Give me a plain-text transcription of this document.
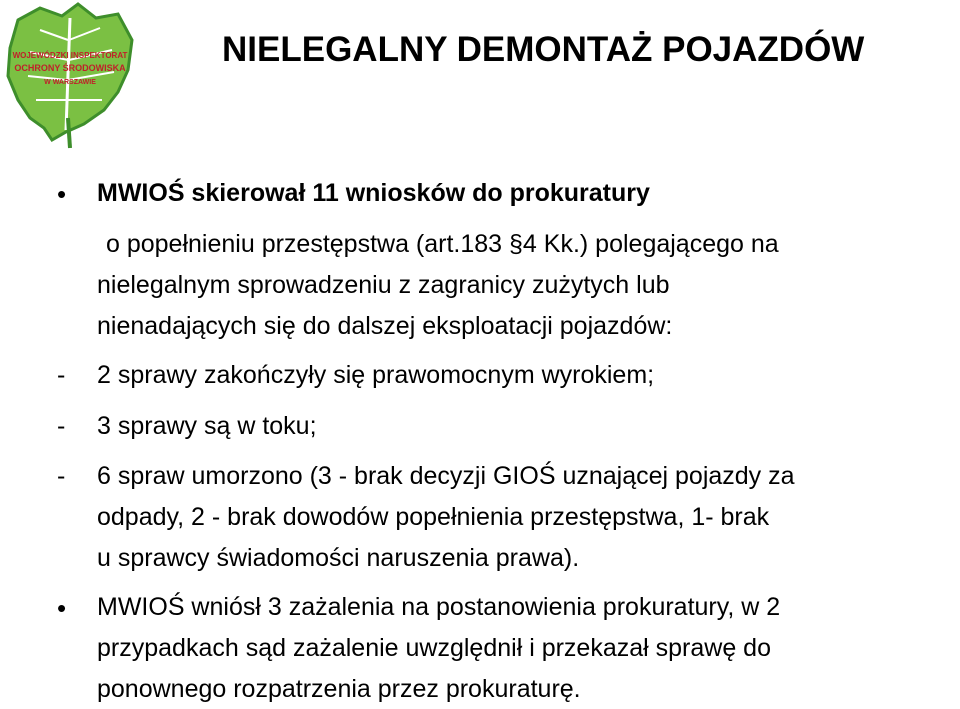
WOJEWÓDZKI INSPEKTORAT
OCHRONY ŚRODOWISKA
W WARSZAWIE
NIELEGALNY DEMONTAŻ POJAZDÓW
• MWIOŚ skierował 11 wniosków do prokuratury
o popełnieniu przestępstwa (art.183 §4 Kk.) polegającego na
nielegalnym sprowadzeniu z zagranicy zużytych lub
nienadających się do dalszej eksploatacji pojazdów:
- 2 sprawy zakończyły się prawomocnym wyrokiem;
- 3 sprawy są w toku;
- 6 spraw umorzono (3 - brak decyzji GIOŚ uznającej pojazdy za
odpady, 2 - brak dowodów popełnienia przestępstwa, 1- brak
u sprawcy świadomości naruszenia prawa).
• MWIOŚ wniósł 3 zażalenia na postanowienia prokuratury, w 2
przypadkach sąd zażalenie uwzględnił i przekazał sprawę do
ponownego rozpatrzenia przez prokuraturę.
